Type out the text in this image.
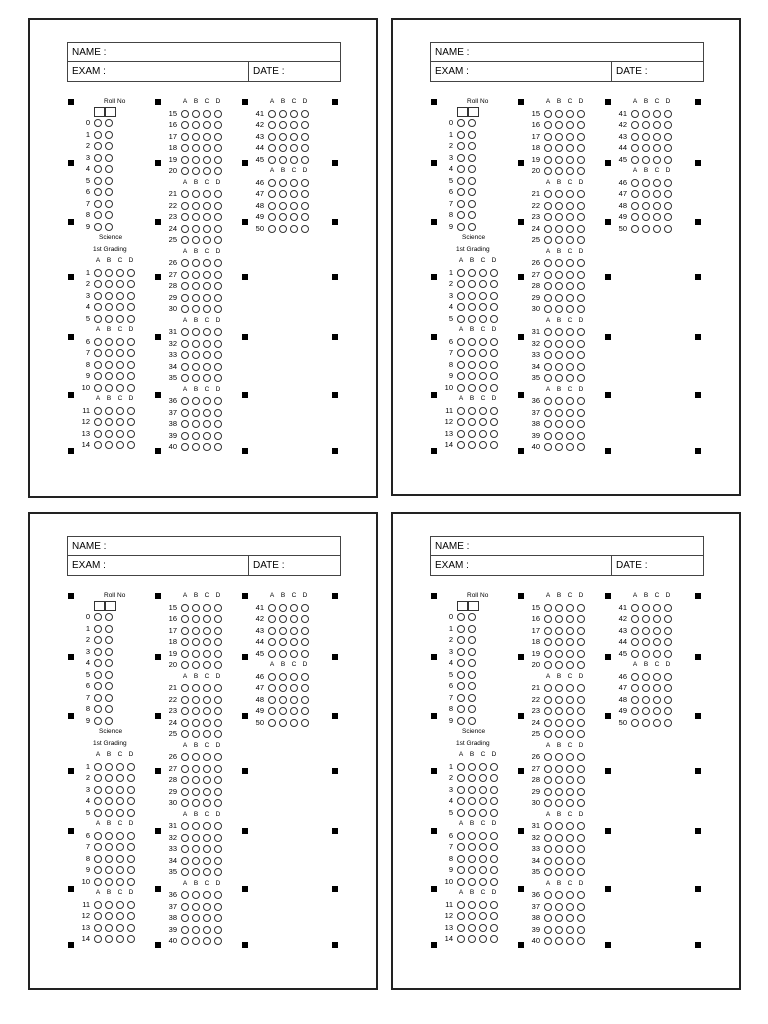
NAME :
EXAM :	DATE :
Roll No
0
1
2
3
4
5
6
7
8
9
Science
1st Grading
A B C D
1
2
3
4
5
A B C D
6
7
8
9
10
A B C D
11
12
13
14
A B C D
15
16
17
18
19
20
A B C D
21
22
23
24
25
A B C D
26
27
28
29
30
A B C D
31
32
33
34
35
A B C D
36
37
38
39
40
A B C D
41
42
43
44
45
A B C D
46
47
48
49
50
NAME :
EXAM :	DATE :
Roll No
0
1
2
3
4
5
6
7
8
9
Science
1st Grading
A B C D
1
2
3
4
5
A B C D
6
7
8
9
10
A B C D
11
12
13
14
A B C D
15
16
17
18
19
20
A B C D
21
22
23
24
25
A B C D
26
27
28
29
30
A B C D
31
32
33
34
35
A B C D
36
37
38
39
40
A B C D
41
42
43
44
45
A B C D
46
47
48
49
50
NAME :
EXAM :	DATE :
Roll No
0
1
2
3
4
5
6
7
8
9
Science
1st Grading
A B C D
1
2
3
4
5
A B C D
6
7
8
9
10
A B C D
11
12
13
14
A B C D
15
16
17
18
19
20
A B C D
21
22
23
24
25
A B C D
26
27
28
29
30
A B C D
31
32
33
34
35
A B C D
36
37
38
39
40
A B C D
41
42
43
44
45
A B C D
46
47
48
49
50
NAME :
EXAM :	DATE :
Roll No
0
1
2
3
4
5
6
7
8
9
Science
1st Grading
A B C D
1
2
3
4
5
A B C D
6
7
8
9
10
A B C D
11
12
13
14
A B C D
15
16
17
18
19
20
A B C D
21
22
23
24
25
A B C D
26
27
28
29
30
A B C D
31
32
33
34
35
A B C D
36
37
38
39
40
A B C D
41
42
43
44
45
A B C D
46
47
48
49
50
